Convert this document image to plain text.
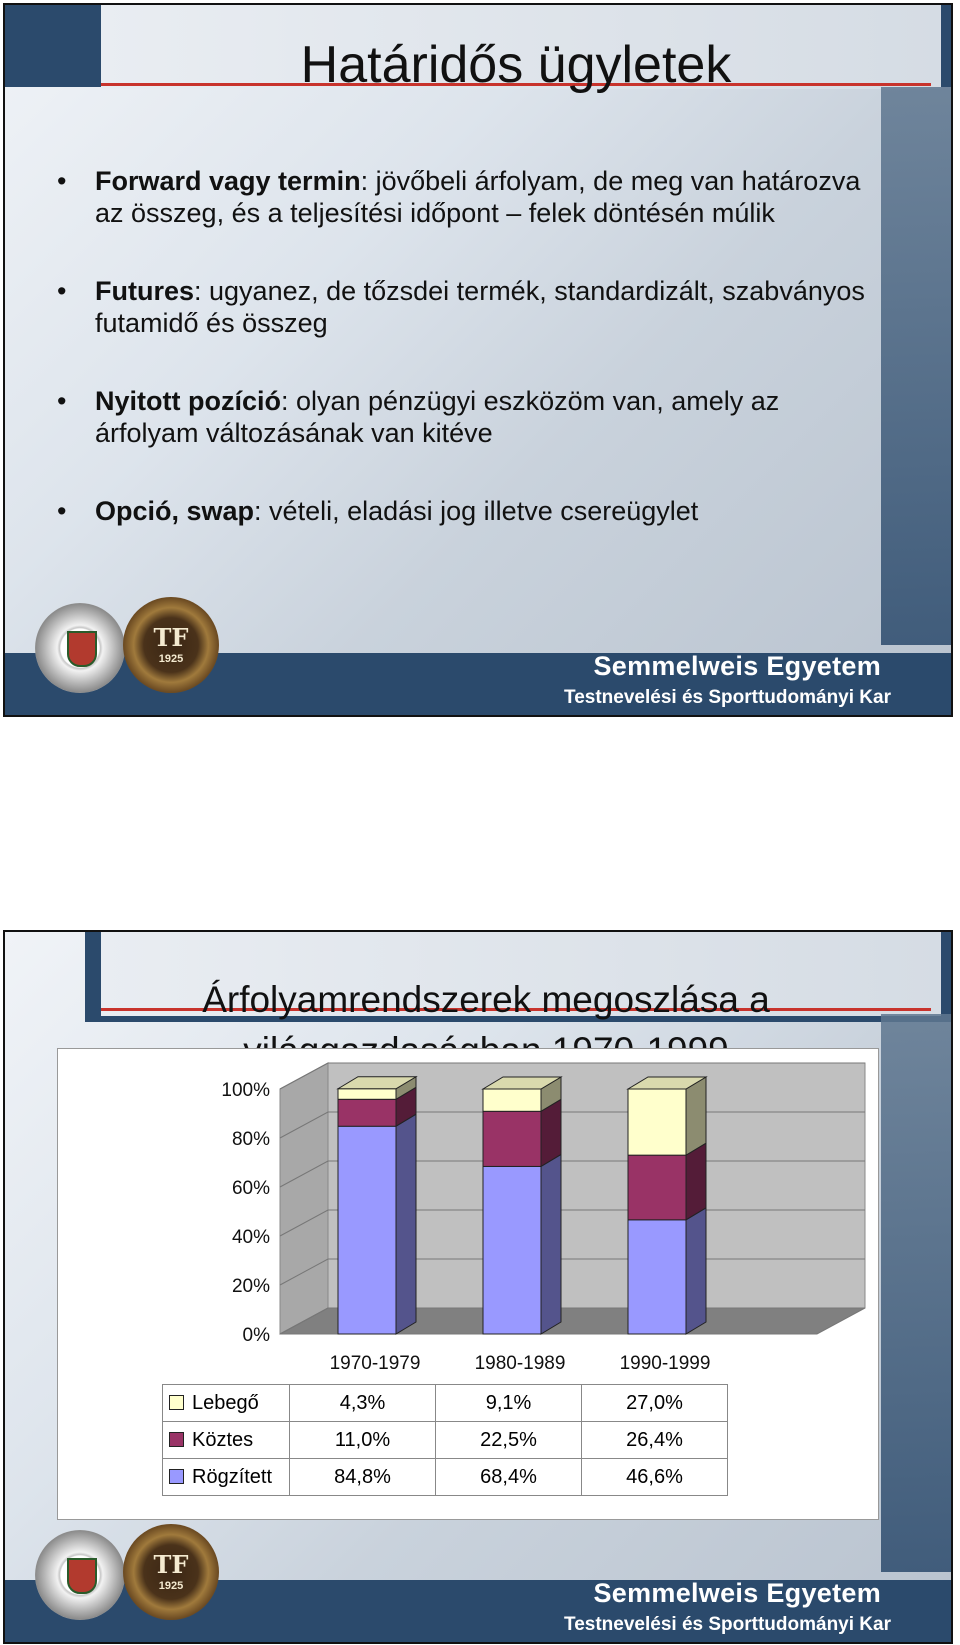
Határidős ügyletek
• Forward vagy termin: jövőbeli árfolyam, de meg van határozva az összeg, és a teljesítési időpont – felek döntésén múlik
• Futures: ugyanez, de tőzsdei termék, standardizált, szabványos futamidő és összeg
• Nyitott pozíció: olyan pénzügyi eszközöm van, amely az árfolyam változásának van kitéve
• Opció, swap: vételi, eladási jog illetve csereügylet
TF
1925	Semmelweis Egyetem
Testnevelési és Sporttudományi Kar
Árfolyamrendszerek megoszlása a
TF
1925	Semmelweis Egyetem
Testnevelési és Sporttudományi Kar
0%
20%
40%
60%
80%
100%
1970-1979	1980-1989	1990-1999
Lebegő	4,3%	9,1%	27,0%
Köztes	11,0%	22,5%	26,4%
Rögzített	84,8%	68,4%	46,6%
